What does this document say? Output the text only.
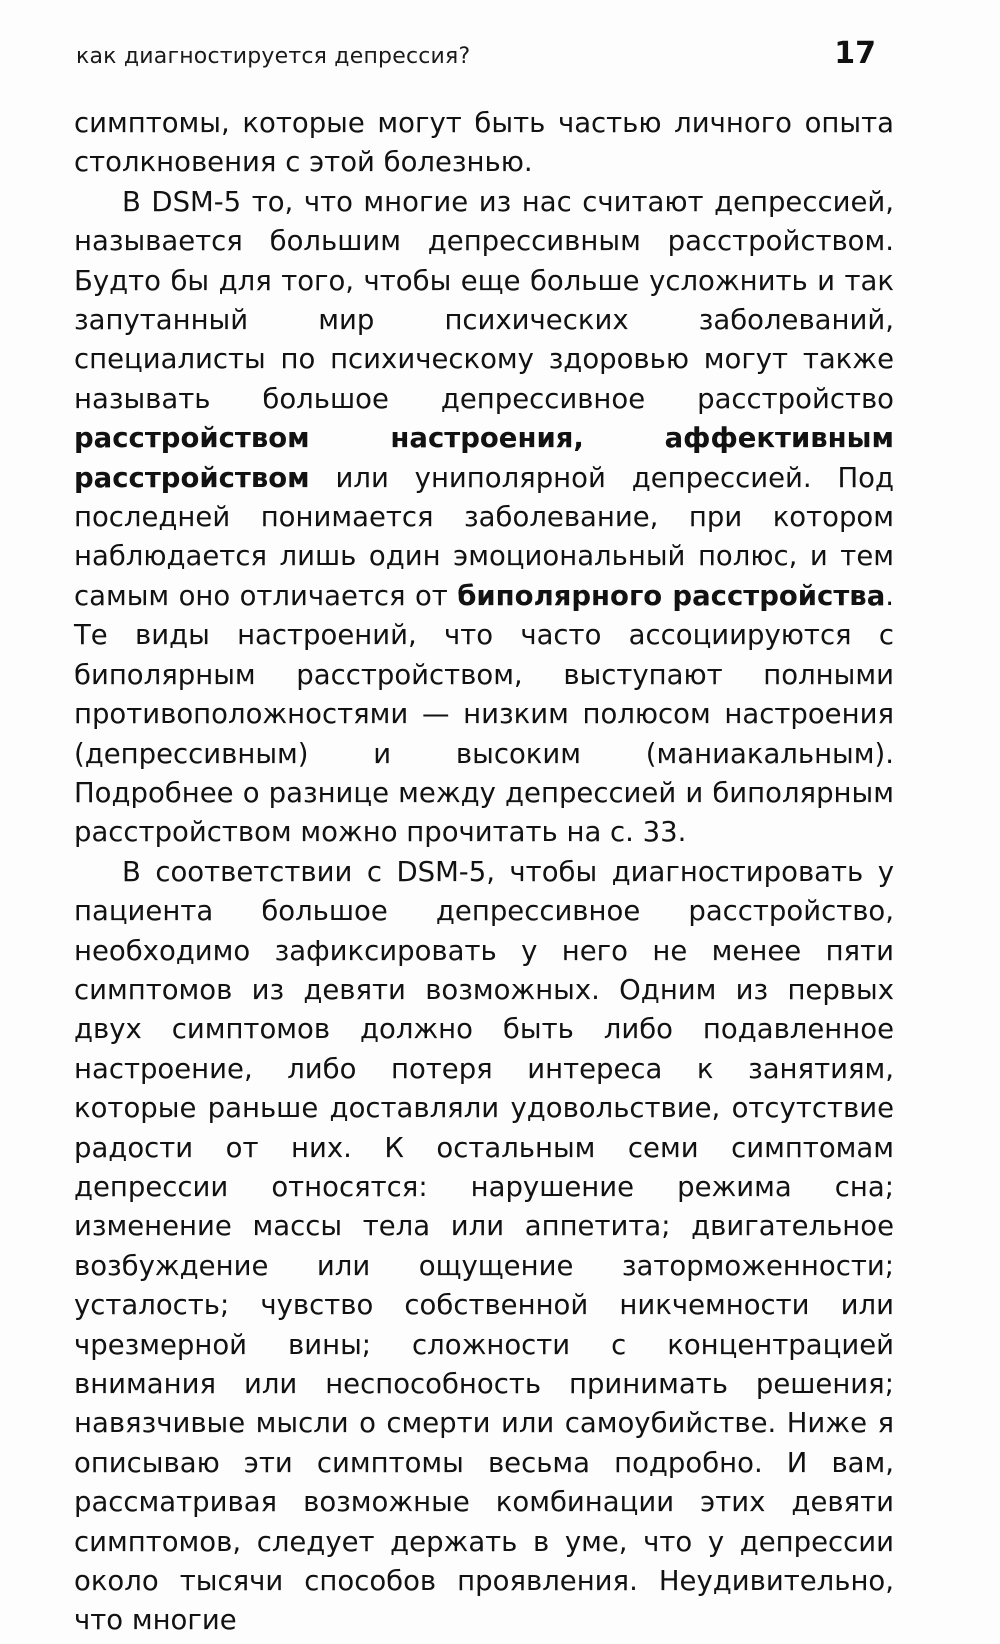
как диагностируется депрессия?	17

симптомы, которые могут быть частью личного опыта столкновения с этой болезнью.

В DSM-5 то, что многие из нас считают депрессией, называется большим депрессивным расстройством. Будто бы для того, чтобы еще больше усложнить и так запутанный мир психических заболеваний, специалисты по психическому здоровью могут также называть большое депрессивное расстройство расстройством настроения, аффективным расстройством или униполярной депрессией. Под последней понимается заболевание, при котором наблюдается лишь один эмоциональный полюс, и тем самым оно отличается от биполярного расстройства. Те виды настроений, что часто ассоциируются с биполярным расстройством, выступают полными противоположностями — низким полюсом настроения (депрессивным) и высоким (маниакальным). Подробнее о разнице между депрессией и биполярным расстройством можно прочитать на с. 33.

В соответствии с DSM-5, чтобы диагностировать у пациента большое депрессивное расстройство, необходимо зафиксировать у него не менее пяти симптомов из девяти возможных. Одним из первых двух симптомов должно быть либо подавленное настроение, либо потеря интереса к занятиям, которые раньше доставляли удовольствие, отсутствие радости от них. К остальным семи симптомам депрессии относятся: нарушение режима сна; изменение массы тела или аппетита; двигательное возбуждение или ощущение заторможенности; усталость; чувство собственной никчемности или чрезмерной вины; сложности с концентрацией внимания или неспособность принимать решения; навязчивые мысли о смерти или самоубийстве. Ниже я описываю эти симптомы весьма подробно. И вам, рассматривая возможные комбинации этих девяти симптомов, следует держать в уме, что у депрессии около тысячи способов проявления. Неудивительно, что многие
